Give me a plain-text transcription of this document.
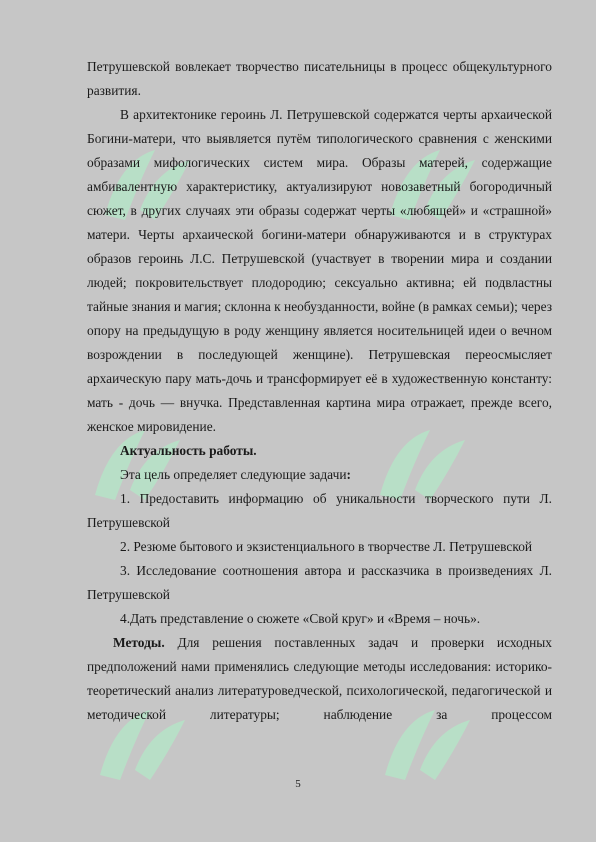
Петрушевской вовлекает творчество писательницы в процесс общекультурного развития.

В архитектонике героинь Л. Петрушевской содержатся черты архаической Богини-матери, что выявляется путём типологического сравнения с женскими образами мифологических систем мира. Образы матерей, содержащие амбивалентную характеристику, актуализируют новозаветный богородичный сюжет, в других случаях эти образы содержат черты «любящей» и «страшной» матери. Черты архаической богини-матери обнаруживаются и в структурах образов героинь Л.С. Петрушевской (участвует в творении мира и создании людей; покровительствует плодородию; сексуально активна; ей подвластны тайные знания и магия; склонна к необузданности, войне (в рамках семьи); через опору на предыдущую в роду женщину является носительницей идеи о вечном возрождении в последующей женщине). Петрушевская переосмысляет архаическую пару мать-дочь и трансформирует её в художественную константу: мать - дочь — внучка. Представленная картина мира отражает, прежде всего, женское мировидение.

Актуальность работы.

Эта цель определяет следующие задачи:

1. Предоставить информацию об уникальности творческого пути Л. Петрушевской

2. Резюме бытового и экзистенциального в творчестве Л. Петрушевской

3. Исследование соотношения автора и рассказчика в произведениях Л. Петрушевской

4.Дать представление о сюжете «Свой круг» и «Время – ночь».

Методы. Для решения поставленных задач и проверки исходных предположений нами применялись следующие методы исследования: историко-теоретический анализ литературоведческой, психологической, педагогической и методической литературы; наблюдение за процессом

5
